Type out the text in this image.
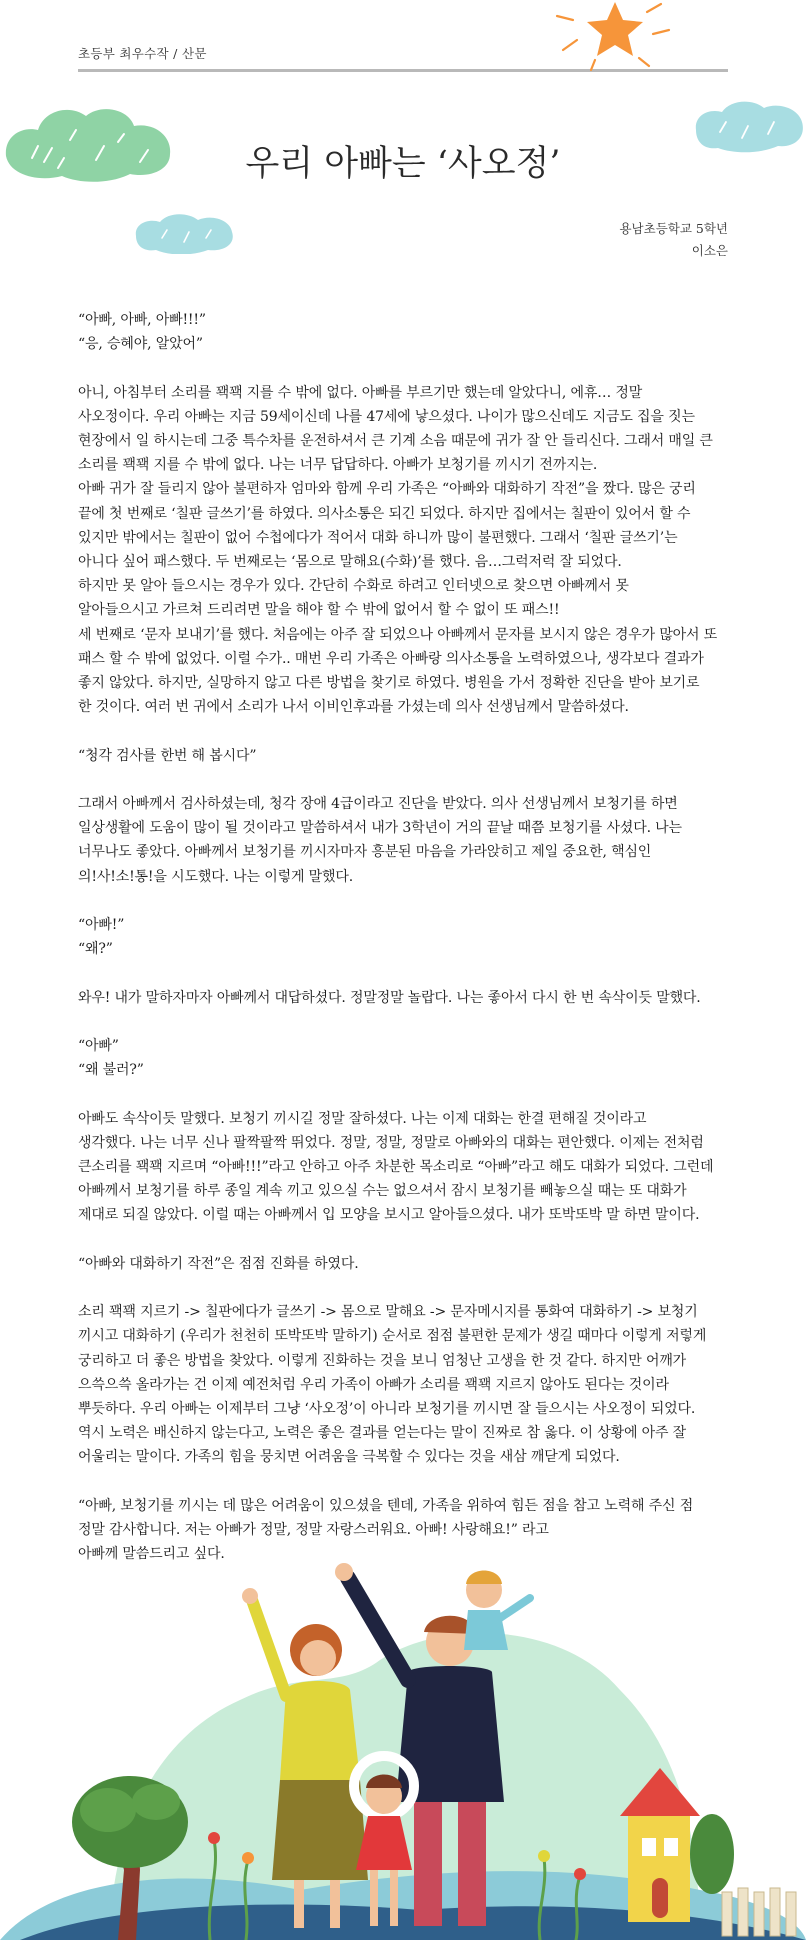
초등부 최우수작 / 산문
우리 아빠는 ‘사오정’
용남초등학교 5학년
이소은

“아빠, 아빠, 아빠!!!”

“응, 승혜야, 알았어”

아니, 아침부터 소리를 꽥꽥 지를 수 밖에 없다. 아빠를 부르기만 했는데 알았다니, 에휴… 정말

사오정이다. 우리 아빠는 지금 59세이신데 나를 47세에 낳으셨다. 나이가 많으신데도 지금도 집을 짓는

현장에서 일 하시는데 그중 특수차를 운전하셔서 큰 기계 소음 때문에 귀가 잘 안 들리신다. 그래서 매일 큰

소리를 꽥꽥 지를 수 밖에 없다. 나는 너무 답답하다. 아빠가 보청기를 끼시기 전까지는.

아빠 귀가 잘 들리지 않아 불편하자 엄마와 함께 우리 가족은 “아빠와 대화하기 작전”을 짰다. 많은 궁리

끝에 첫 번째로 ‘칠판 글쓰기’를 하였다. 의사소통은 되긴 되었다. 하지만 집에서는 칠판이 있어서 할 수

있지만 밖에서는 칠판이 없어 수첩에다가 적어서 대화 하니까 많이 불편했다. 그래서 ‘칠판 글쓰기’는

아니다 싶어 패스했다. 두 번째로는 ‘몸으로 말해요(수화)’를 했다. 음…그럭저럭 잘 되었다.

하지만 못 알아 들으시는 경우가 있다. 간단히 수화로 하려고 인터넷으로 찾으면 아빠께서 못

알아들으시고 가르쳐 드리려면 말을 해야 할 수 밖에 없어서 할 수 없이 또 패스!!

세 번째로 ‘문자 보내기’를 했다. 처음에는 아주 잘 되었으나 아빠께서 문자를 보시지 않은 경우가 많아서 또

패스 할 수 밖에 없었다. 이럴 수가.. 매번 우리 가족은 아빠랑 의사소통을 노력하였으나, 생각보다 결과가

좋지 않았다. 하지만, 실망하지 않고 다른 방법을 찾기로 하였다. 병원을 가서 정확한 진단을 받아 보기로

한 것이다. 여러 번 귀에서 소리가 나서 이비인후과를 가셨는데 의사 선생님께서 말씀하셨다.

“청각 검사를 한번 해 봅시다”

그래서 아빠께서 검사하셨는데, 청각 장애 4급이라고 진단을 받았다. 의사 선생님께서 보청기를 하면

일상생활에 도움이 많이 될 것이라고 말씀하셔서 내가 3학년이 거의 끝날 때쯤 보청기를 사셨다. 나는

너무나도 좋았다. 아빠께서 보청기를 끼시자마자 흥분된 마음을 가라앉히고 제일 중요한, 핵심인

의!사!소!통!을 시도했다. 나는 이렇게 말했다.

“아빠!”

“왜?”

와우! 내가 말하자마자 아빠께서 대답하셨다. 정말정말 놀랍다. 나는 좋아서 다시 한 번 속삭이듯 말했다.

“아빠”

“왜 불러?”

아빠도 속삭이듯 말했다. 보청기 끼시길 정말 잘하셨다. 나는 이제 대화는 한결 편해질 것이라고

생각했다. 나는 너무 신나 팔짝팔짝 뛰었다. 정말, 정말, 정말로 아빠와의 대화는 편안했다. 이제는 전처럼

큰소리를 꽥꽥 지르며 “아빠!!!”라고 안하고 아주 차분한 목소리로 “아빠”라고 해도 대화가 되었다. 그런데

아빠께서 보청기를 하루 종일 계속 끼고 있으실 수는 없으셔서 잠시 보청기를 빼놓으실 때는 또 대화가

제대로 되질 않았다. 이럴 때는 아빠께서 입 모양을 보시고 알아들으셨다. 내가 또박또박 말 하면 말이다.

“아빠와 대화하기 작전”은 점점 진화를 하였다.

소리 꽥꽥 지르기 -> 칠판에다가 글쓰기 -> 몸으로 말해요 -> 문자메시지를 통화여 대화하기 -> 보청기

끼시고 대화하기 (우리가 천천히 또박또박 말하기) 순서로 점점 불편한 문제가 생길 때마다 이렇게 저렇게

궁리하고 더 좋은 방법을 찾았다. 이렇게 진화하는 것을 보니 엄청난 고생을 한 것 같다. 하지만 어깨가

으쓱으쓱 올라가는 건 이제 예전처럼 우리 가족이 아빠가 소리를 꽥꽥 지르지 않아도 된다는 것이라

뿌듯하다. 우리 아빠는 이제부터 그냥 ‘사오정’이 아니라 보청기를 끼시면 잘 들으시는 사오정이 되었다.

역시 노력은 배신하지 않는다고, 노력은 좋은 결과를 얻는다는 말이 진짜로 참 옳다. 이 상황에 아주 잘

어울리는 말이다. 가족의 힘을 뭉치면 어려움을 극복할 수 있다는 것을 새삼 깨닫게 되었다.

“아빠, 보청기를 끼시는 데 많은 어려움이 있으셨을 텐데, 가족을 위하여 힘든 점을 참고 노력해 주신 점

정말 감사합니다. 저는 아빠가 정말, 정말 자랑스러워요. 아빠! 사랑해요!” 라고

아빠께 말씀드리고 싶다.
